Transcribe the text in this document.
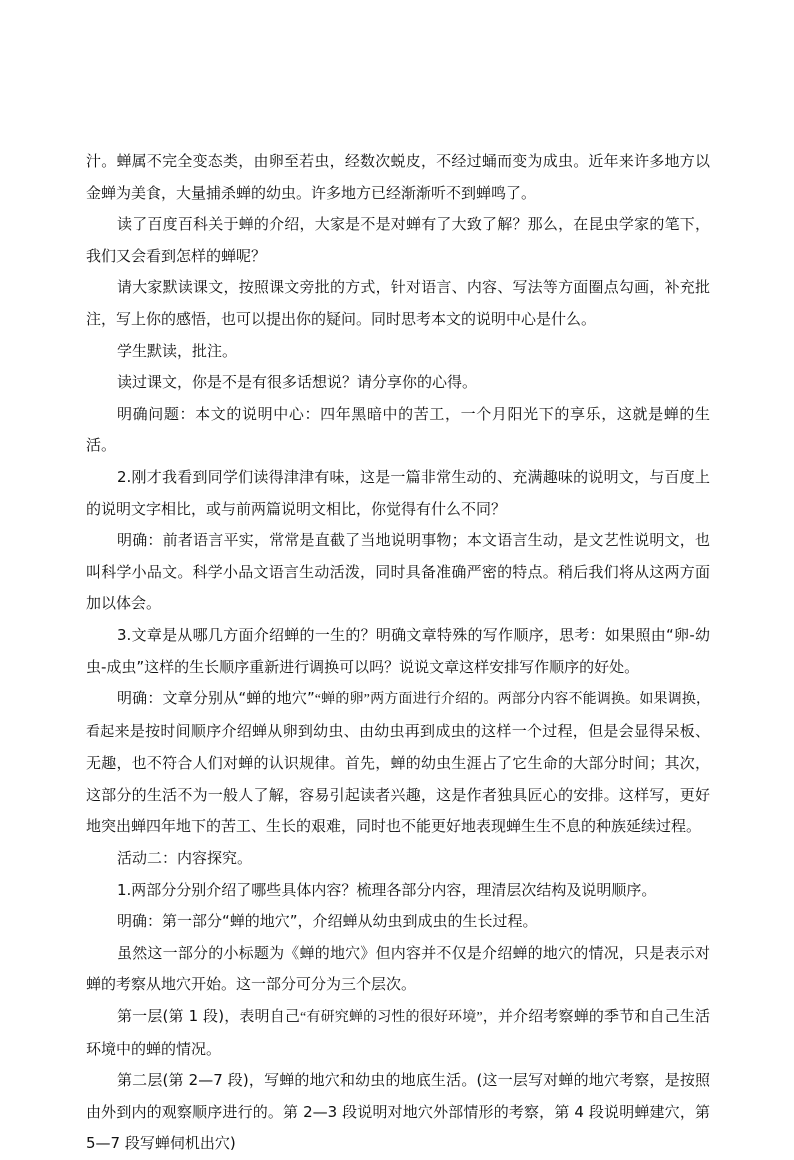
汁。蝉属不完全变态类，由卵至若虫，经数次蜕皮，不经过蛹而变为成虫。近年来许多地方以金蝉为美食，大量捕杀蝉的幼虫。许多地方已经渐渐听不到蝉鸣了。

读了百度百科关于蝉的介绍，大家是不是对蝉有了大致了解？那么，在昆虫学家的笔下，我们又会看到怎样的蝉呢？

请大家默读课文，按照课文旁批的方式，针对语言、内容、写法等方面圈点勾画，补充批注，写上你的感悟，也可以提出你的疑问。同时思考本文的说明中心是什么。

学生默读，批注。

读过课文，你是不是有很多话想说？请分享你的心得。

明确问题：本文的说明中心：四年黑暗中的苦工，一个月阳光下的享乐，这就是蝉的生活。

2.刚才我看到同学们读得津津有味，这是一篇非常生动的、充满趣味的说明文，与百度上的说明文字相比，或与前两篇说明文相比，你觉得有什么不同？

明确：前者语言平实，常常是直截了当地说明事物；本文语言生动，是文艺性说明文，也叫科学小品文。科学小品文语言生动活泼，同时具备准确严密的特点。稍后我们将从这两方面加以体会。

3.文章是从哪几方面介绍蝉的一生的？明确文章特殊的写作顺序，思考：如果照由“卵-幼虫-成虫”这样的生长顺序重新进行调换可以吗？说说文章这样安排写作顺序的好处。

明确：文章分别从“蝉的地穴”“蝉的卵”两方面进行介绍的。两部分内容不能调换。如果调换，看起来是按时间顺序介绍蝉从卵到幼虫、由幼虫再到成虫的这样一个过程，但是会显得呆板、无趣，也不符合人们对蝉的认识规律。首先，蝉的幼虫生涯占了它生命的大部分时间；其次，这部分的生活不为一般人了解，容易引起读者兴趣，这是作者独具匠心的安排。这样写，更好地突出蝉四年地下的苦工、生长的艰难，同时也不能更好地表现蝉生生不息的种族延续过程。

活动二：内容探究。

1.两部分分别介绍了哪些具体内容？梳理各部分内容，理清层次结构及说明顺序。

明确：第一部分“蝉的地穴”，介绍蝉从幼虫到成虫的生长过程。

虽然这一部分的小标题为《蝉的地穴》但内容并不仅是介绍蝉的地穴的情况，只是表示对蝉的考察从地穴开始。这一部分可分为三个层次。

第一层(第 1 段)，表明自己“有研究蝉的习性的很好环境”，并介绍考察蝉的季节和自己生活环境中的蝉的情况。

第二层(第 2—7 段)，写蝉的地穴和幼虫的地底生活。(这一层写对蝉的地穴考察，是按照由外到内的观察顺序进行的。第 2—3 段说明对地穴外部情形的考察，第 4 段说明蝉建穴，第 5—7 段写蝉伺机出穴)
